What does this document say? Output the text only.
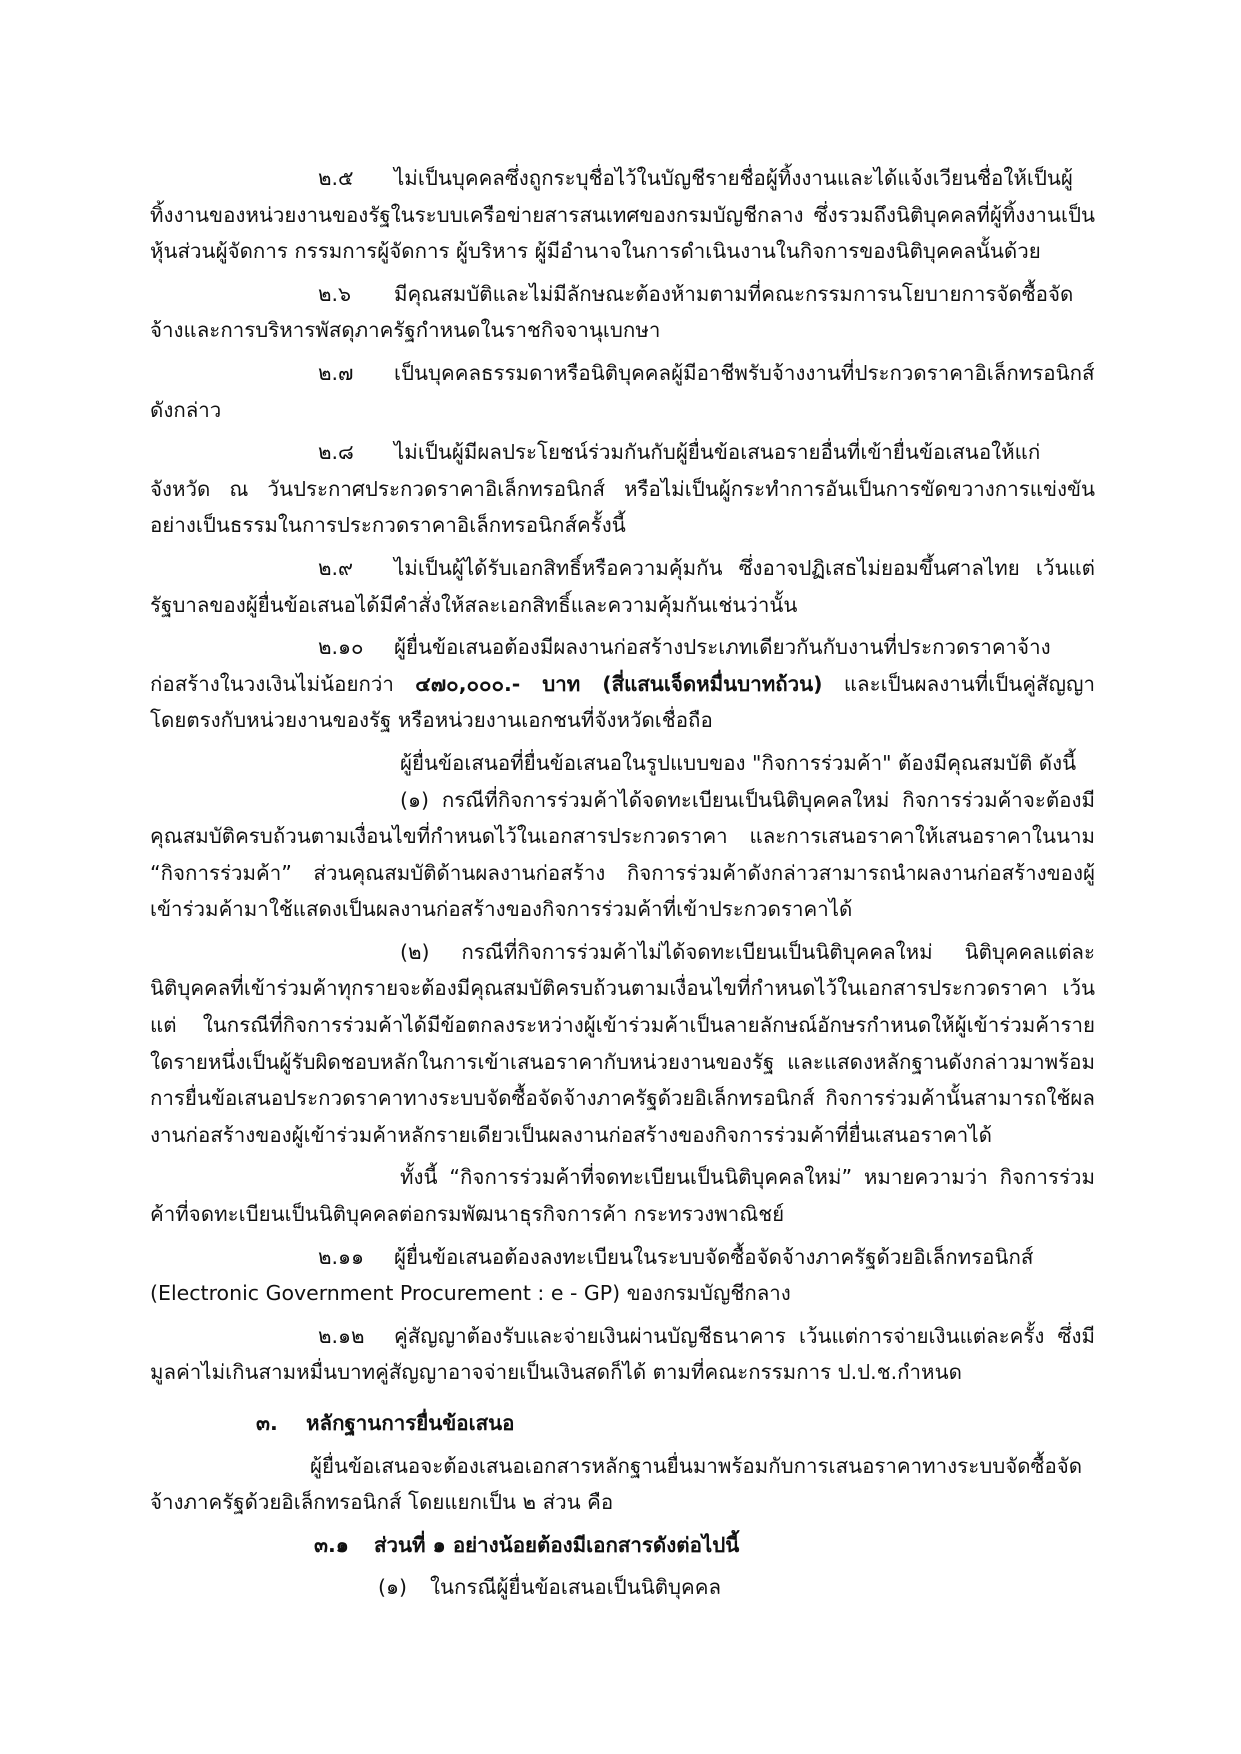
๒.๕ ไม่เป็นบุคคลซึ่งถูกระบุชื่อไว้ในบัญชีรายชื่อผู้ทิ้งงานและได้แจ้งเวียนชื่อให้เป็นผู้ทิ้งงานของหน่วยงานของรัฐในระบบเครือข่ายสารสนเทศของกรมบัญชีกลาง ซึ่งรวมถึงนิติบุคคลที่ผู้ทิ้งงานเป็นหุ้นส่วนผู้จัดการ กรรมการผู้จัดการ ผู้บริหาร ผู้มีอำนาจในการดำเนินงานในกิจการของนิติบุคคลนั้นด้วย

๒.๖ มีคุณสมบัติและไม่มีลักษณะต้องห้ามตามที่คณะกรรมการนโยบายการจัดซื้อจัดจ้างและการบริหารพัสดุภาครัฐกำหนดในราชกิจจานุเบกษา

๒.๗ เป็นบุคคลธรรมดาหรือนิติบุคคลผู้มีอาชีพรับจ้างงานที่ประกวดราคาอิเล็กทรอนิกส์

ดังกล่าว

๒.๘ ไม่เป็นผู้มีผลประโยชน์ร่วมกันกับผู้ยื่นข้อเสนอรายอื่นที่เข้ายื่นข้อเสนอให้แก่ จังหวัด ณ วันประกาศประกวดราคาอิเล็กทรอนิกส์ หรือไม่เป็นผู้กระทำการอันเป็นการขัดขวางการแข่งขันอย่างเป็นธรรมในการประกวดราคาอิเล็กทรอนิกส์ครั้งนี้

๒.๙ ไม่เป็นผู้ได้รับเอกสิทธิ์หรือความคุ้มกัน ซึ่งอาจปฏิเสธไม่ยอมขึ้นศาลไทย เว้นแต่รัฐบาลของผู้ยื่นข้อเสนอได้มีคำสั่งให้สละเอกสิทธิ์และความคุ้มกันเช่นว่านั้น

๒.๑๐ ผู้ยื่นข้อเสนอต้องมีผลงานก่อสร้างประเภทเดียวกันกับงานที่ประกวดราคาจ้างก่อสร้างในวงเงินไม่น้อยกว่า ๔๗๐,๐๐๐.- บาท (สี่แสนเจ็ดหมื่นบาทถ้วน) และเป็นผลงานที่เป็นคู่สัญญาโดยตรงกับหน่วยงานของรัฐ หรือหน่วยงานเอกชนที่จังหวัดเชื่อถือ

ผู้ยื่นข้อเสนอที่ยื่นข้อเสนอในรูปแบบของ "กิจการร่วมค้า" ต้องมีคุณสมบัติ ดังนี้

(๑) กรณีที่กิจการร่วมค้าได้จดทะเบียนเป็นนิติบุคคลใหม่ กิจการร่วมค้าจะต้องมีคุณสมบัติครบถ้วนตามเงื่อนไขที่กำหนดไว้ในเอกสารประกวดราคา และการเสนอราคาให้เสนอราคาในนาม “กิจการร่วมค้า” ส่วนคุณสมบัติด้านผลงานก่อสร้าง กิจการร่วมค้าดังกล่าวสามารถนำผลงานก่อสร้างของผู้เข้าร่วมค้ามาใช้แสดงเป็นผลงานก่อสร้างของกิจการร่วมค้าที่เข้าประกวดราคาได้

(๒) กรณีที่กิจการร่วมค้าไม่ได้จดทะเบียนเป็นนิติบุคคลใหม่ นิติบุคคลแต่ละนิติบุคคลที่เข้าร่วมค้าทุกรายจะต้องมีคุณสมบัติครบถ้วนตามเงื่อนไขที่กำหนดไว้ในเอกสารประกวดราคา เว้นแต่ ในกรณีที่กิจการร่วมค้าได้มีข้อตกลงระหว่างผู้เข้าร่วมค้าเป็นลายลักษณ์อักษรกำหนดให้ผู้เข้าร่วมค้ารายใดรายหนึ่งเป็นผู้รับผิดชอบหลักในการเข้าเสนอราคากับหน่วยงานของรัฐ และแสดงหลักฐานดังกล่าวมาพร้อมการยื่นข้อเสนอประกวดราคาทางระบบจัดซื้อจัดจ้างภาครัฐด้วยอิเล็กทรอนิกส์ กิจการร่วมค้านั้นสามารถใช้ผลงานก่อสร้างของผู้เข้าร่วมค้าหลักรายเดียวเป็นผลงานก่อสร้างของกิจการร่วมค้าที่ยื่นเสนอราคาได้

ทั้งนี้ “กิจการร่วมค้าที่จดทะเบียนเป็นนิติบุคคลใหม่” หมายความว่า กิจการร่วมค้าที่จดทะเบียนเป็นนิติบุคคลต่อกรมพัฒนาธุรกิจการค้า กระทรวงพาณิชย์

๒.๑๑ ผู้ยื่นข้อเสนอต้องลงทะเบียนในระบบจัดซื้อจัดจ้างภาครัฐด้วยอิเล็กทรอนิกส์ (Electronic Government Procurement : e - GP) ของกรมบัญชีกลาง

๒.๑๒ คู่สัญญาต้องรับและจ่ายเงินผ่านบัญชีธนาคาร เว้นแต่การจ่ายเงินแต่ละครั้ง ซึ่งมีมูลค่าไม่เกินสามหมื่นบาทคู่สัญญาอาจจ่ายเป็นเงินสดก็ได้ ตามที่คณะกรรมการ ป.ป.ช.กำหนด

๓. หลักฐานการยื่นข้อเสนอ

ผู้ยื่นข้อเสนอจะต้องเสนอเอกสารหลักฐานยื่นมาพร้อมกับการเสนอราคาทางระบบจัดซื้อจัดจ้างภาครัฐด้วยอิเล็กทรอนิกส์ โดยแยกเป็น ๒ ส่วน คือ

๓.๑ ส่วนที่ ๑ อย่างน้อยต้องมีเอกสารดังต่อไปนี้

(๑) ในกรณีผู้ยื่นข้อเสนอเป็นนิติบุคคล
